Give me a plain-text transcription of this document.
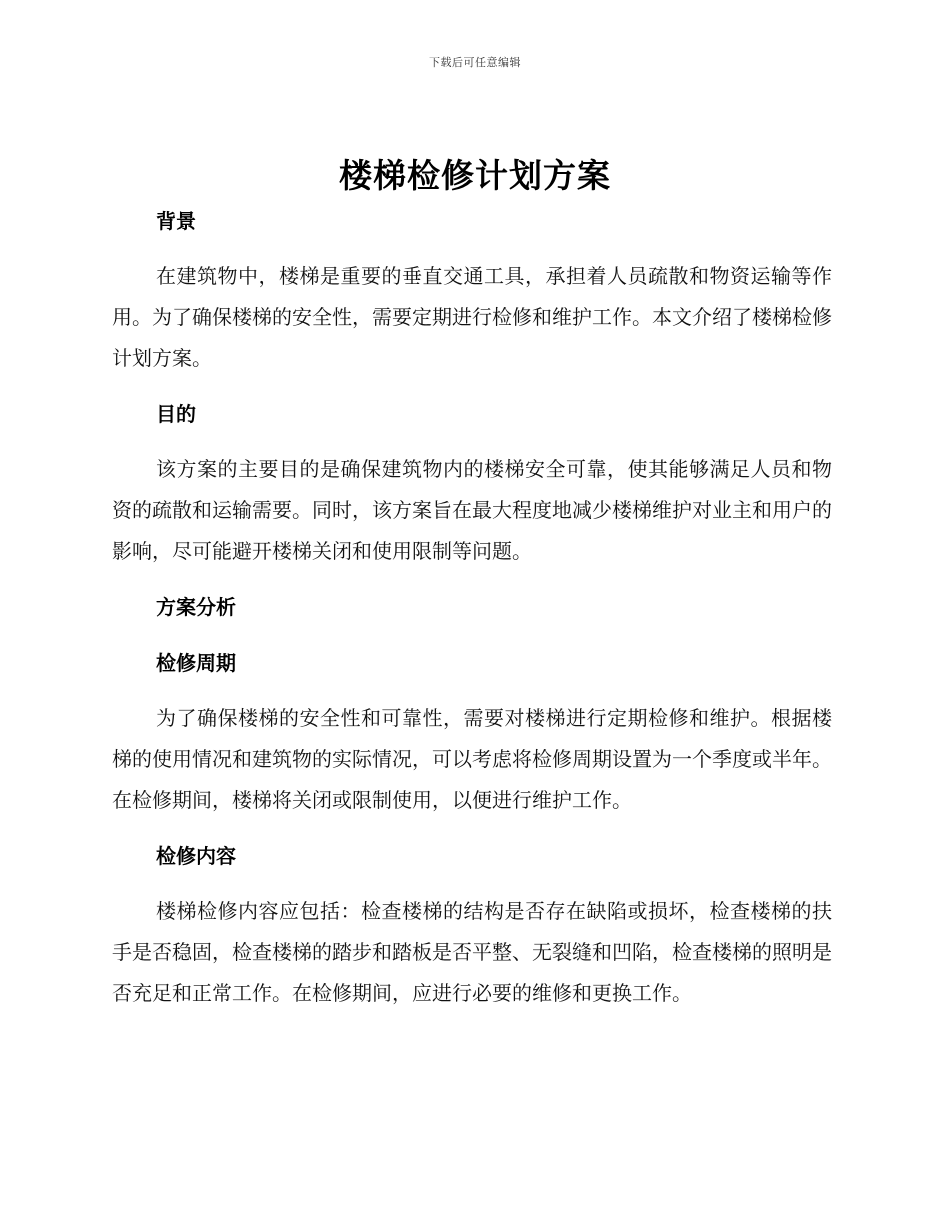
下载后可任意编辑
楼梯检修计划方案

背景

在建筑物中，楼梯是重要的垂直交通工具，承担着人员疏散和物资运输等作用。为了确保楼梯的安全性，需要定期进行检修和维护工作。本文介绍了楼梯检修计划方案。

目的

该方案的主要目的是确保建筑物内的楼梯安全可靠，使其能够满足人员和物资的疏散和运输需要。同时，该方案旨在最大程度地减少楼梯维护对业主和用户的影响，尽可能避开楼梯关闭和使用限制等问题。

方案分析

检修周期

为了确保楼梯的安全性和可靠性，需要对楼梯进行定期检修和维护。根据楼梯的使用情况和建筑物的实际情况，可以考虑将检修周期设置为一个季度或半年。在检修期间，楼梯将关闭或限制使用，以便进行维护工作。

检修内容

楼梯检修内容应包括：检查楼梯的结构是否存在缺陷或损坏，检查楼梯的扶手是否稳固，检查楼梯的踏步和踏板是否平整、无裂缝和凹陷，检查楼梯的照明是否充足和正常工作。在检修期间，应进行必要的维修和更换工作。
